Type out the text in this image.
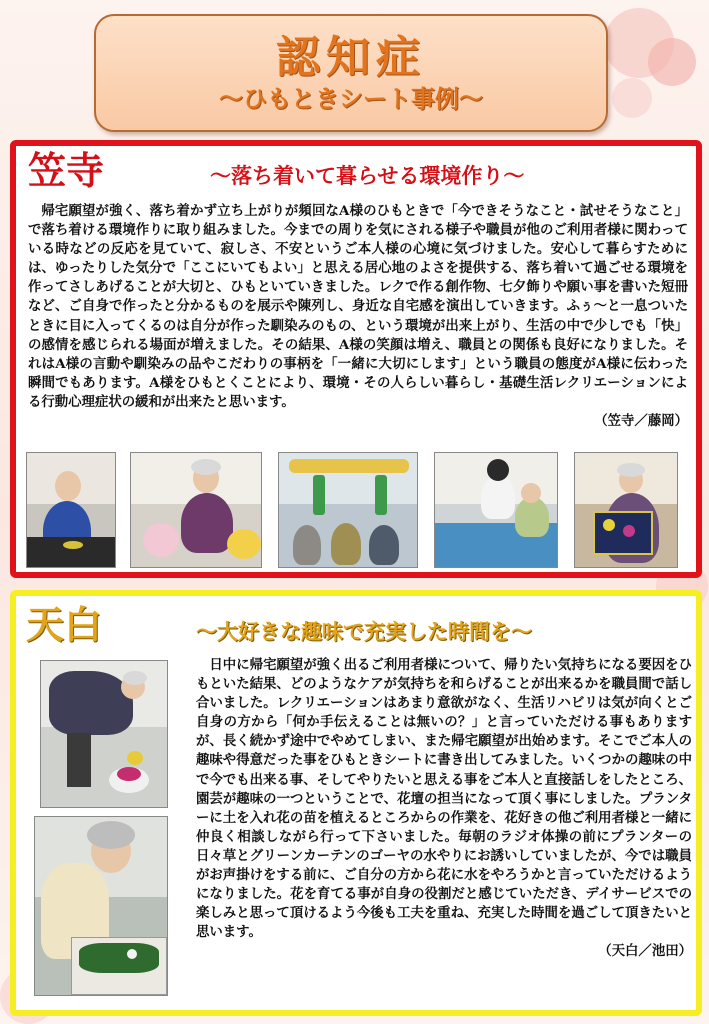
認知症
〜ひもときシート事例〜
笠寺	〜落ち着いて暮らせる環境作り〜
帰宅願望が強く、落ち着かず立ち上がりが頻回なA様のひもときで「今できそうなこと・試せそうなこと」で落ち着ける環境作りに取り組みました。今までの周りを気にされる様子や職員が他のご利用者様に関わっている時などの反応を見ていて、寂しさ、不安というご本人様の心境に気づけました。安心して暮らすためには、ゆったりした気分で「ここにいてもよい」と思える居心地のよさを提供する、落ち着いて過ごせる環境を作ってさしあげることが大切と、ひもといていきました。レクで作る創作物、七夕飾りや願い事を書いた短冊など、ご自身で作ったと分かるものを展示や陳列し、身近な自宅感を演出していきます。ふぅ〜と一息ついたときに目に入ってくるのは自分が作った馴染みのもの、という環境が出来上がり、生活の中で少しでも「快」の感情を感じられる場面が増えました。その結果、A様の笑顔は増え、職員との関係も良好になりました。それはA様の言動や馴染みの品やこだわりの事柄を「一緒に大切にします」という職員の態度がA様に伝わった瞬間でもあります。A様をひもとくことにより、環境・その人らしい暮らし・基礎生活レクリエーションによる行動心理症状の緩和が出来たと思います。
（笠寺／藤岡）
天白	〜大好きな趣味で充実した時間を〜
日中に帰宅願望が強く出るご利用者様について、帰りたい気持ちになる要因をひもといた結果、どのようなケアが気持ちを和らげることが出来るかを職員間で話し合いました。レクリエーションはあまり意欲がなく、生活リハビリは気が向くとご自身の方から「何か手伝えることは無いの？」と言っていただける事もありますが、長く続かず途中でやめてしまい、また帰宅願望が出始めます。そこでご本人の趣味や得意だった事をひもときシートに書き出してみました。いくつかの趣味の中で今でも出来る事、そしてやりたいと思える事をご本人と直接話しをしたところ、園芸が趣味の一つということで、花壇の担当になって頂く事にしました。プランターに土を入れ花の苗を植えるところからの作業を、花好きの他ご利用者様と一緒に仲良く相談しながら行って下さいました。毎朝のラジオ体操の前にプランターの日々草とグリーンカーテンのゴーヤの水やりにお誘いしていましたが、今では職員がお声掛けをする前に、ご自分の方から花に水をやろうかと言っていただけるようになりました。花を育てる事が自身の役割だと感じていただき、デイサービスでの楽しみと思って頂けるよう今後も工夫を重ね、充実した時間を過ごして頂きたいと思います。
（天白／池田）
